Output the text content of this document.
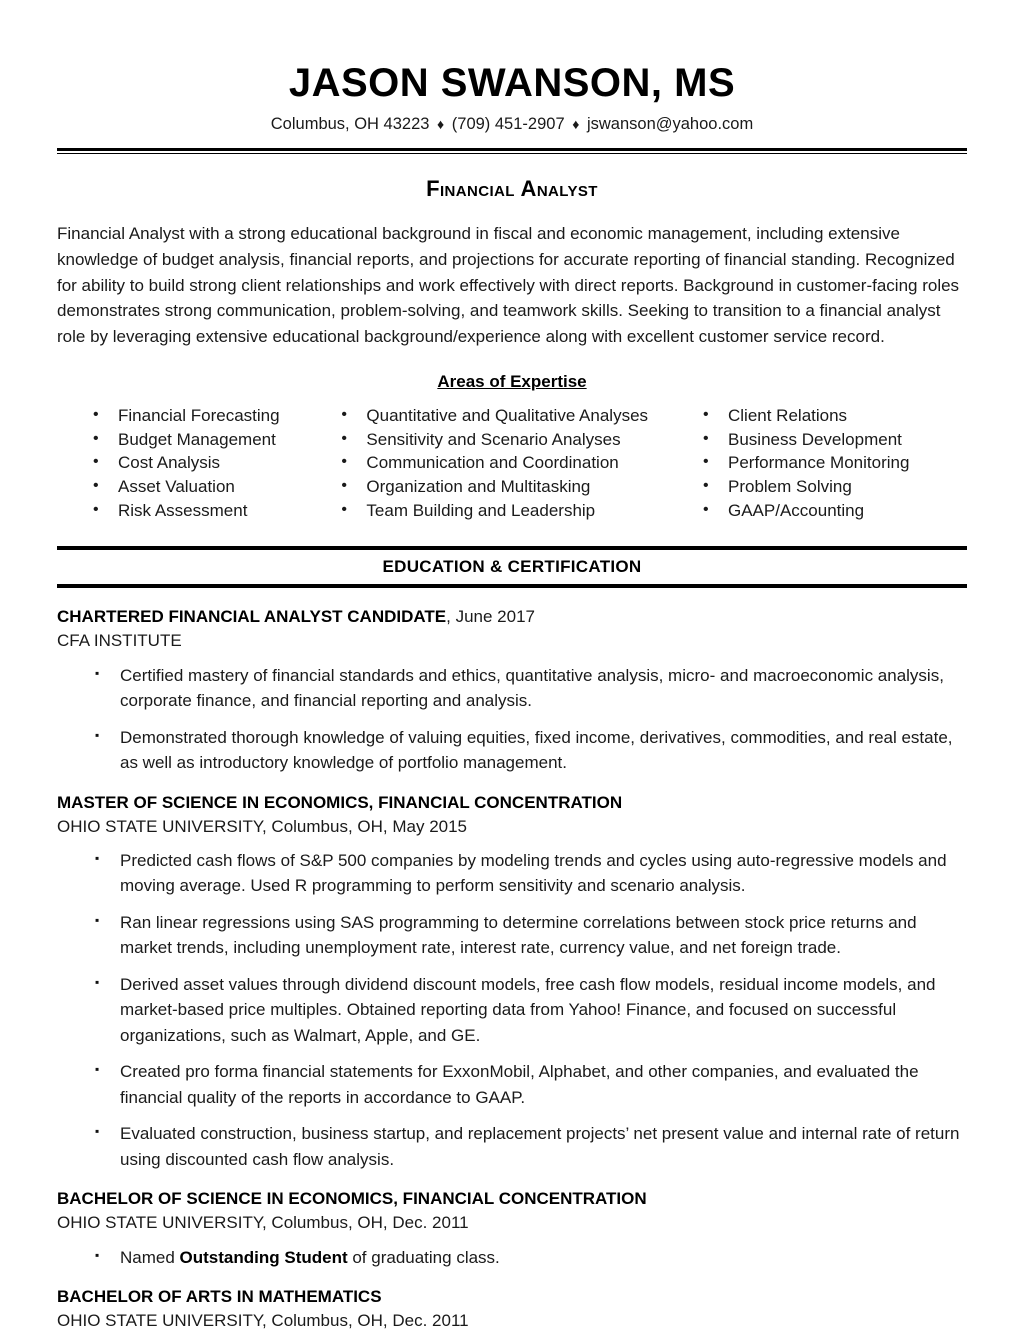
JASON SWANSON, MS

Columbus, OH 43223 ♦ (709) 451-2907 ♦ jswanson@yahoo.com

Financial Analyst
Financial Analyst with a strong educational background in fiscal and economic management, including extensive knowledge of budget analysis, financial reports, and projections for accurate reporting of financial standing. Recognized for ability to build strong client relationships and work effectively with direct reports. Background in customer-facing roles demonstrates strong communication, problem-solving, and teamwork skills. Seeking to transition to a financial analyst role by leveraging extensive educational background/experience along with excellent customer service record.
Areas of Expertise
•	Financial Forecasting
•	Budget Management
•	Cost Analysis
•	Asset Valuation
•	Risk Assessment
•	Quantitative and Qualitative Analyses
•	Sensitivity and Scenario Analyses
•	Communication and Coordination
•	Organization and Multitasking
•	Team Building and Leadership
•	Client Relations
•	Business Development
•	Performance Monitoring
•	Problem Solving
•	GAAP/Accounting
EDUCATION & CERTIFICATION
CHARTERED FINANCIAL ANALYST CANDIDATE, June 2017
CFA INSTITUTE
▪	Certified mastery of financial standards and ethics, quantitative analysis, micro- and macroeconomic analysis, corporate finance, and financial reporting and analysis.
▪	Demonstrated thorough knowledge of valuing equities, fixed income, derivatives, commodities, and real estate, as well as introductory knowledge of portfolio management.
MASTER OF SCIENCE IN ECONOMICS, FINANCIAL CONCENTRATION
OHIO STATE UNIVERSITY, Columbus, OH, May 2015
▪	Predicted cash flows of S&P 500 companies by modeling trends and cycles using auto-regressive models and moving average. Used R programming to perform sensitivity and scenario analysis.
▪	Ran linear regressions using SAS programming to determine correlations between stock price returns and market trends, including unemployment rate, interest rate, currency value, and net foreign trade.
▪	Derived asset values through dividend discount models, free cash flow models, residual income models, and market-based price multiples. Obtained reporting data from Yahoo! Finance, and focused on successful organizations, such as Walmart, Apple, and GE.
▪	Created pro forma financial statements for ExxonMobil, Alphabet, and other companies, and evaluated the financial quality of the reports in accordance to GAAP.
▪	Evaluated construction, business startup, and replacement projects’ net present value and internal rate of return using discounted cash flow analysis.
BACHELOR OF SCIENCE IN ECONOMICS, FINANCIAL CONCENTRATION
OHIO STATE UNIVERSITY, Columbus, OH, Dec. 2011
▪	Named Outstanding Student of graduating class.
BACHELOR OF ARTS IN MATHEMATICS
OHIO STATE UNIVERSITY, Columbus, OH, Dec. 2011
